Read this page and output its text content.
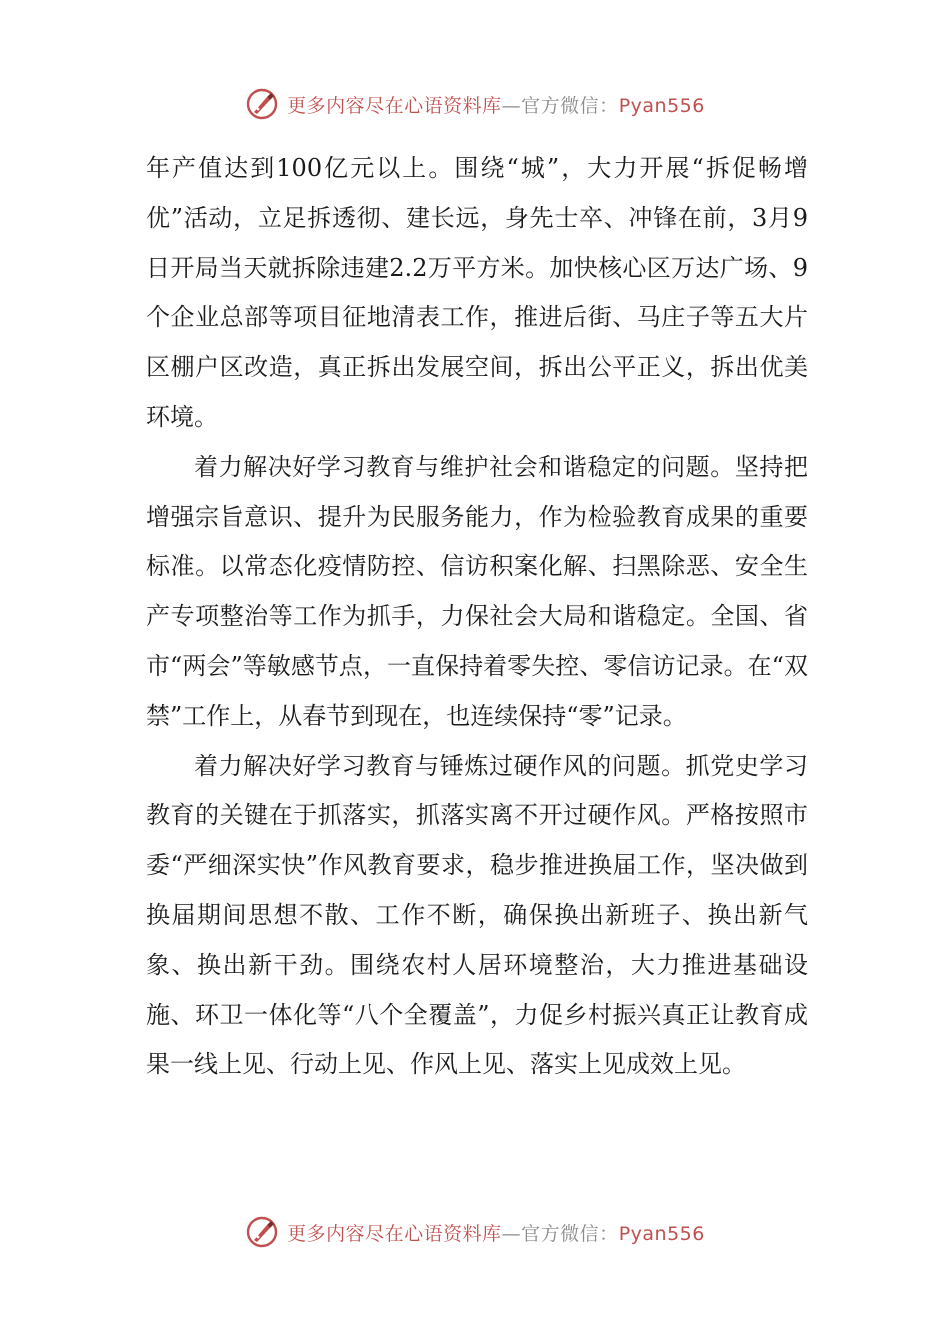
更多内容尽在心语资料库—官方微信：Pyan556

年产值达到100亿元以上。围绕“城”，大力开展“拆促畅增优”活动，立足拆透彻、建长远，身先士卒、冲锋在前，3月9日开局当天就拆除违建2.2万平方米。加快核心区万达广场、9个企业总部等项目征地清表工作，推进后街、马庄子等五大片区棚户区改造，真正拆出发展空间，拆出公平正义，拆出优美环境。

着力解决好学习教育与维护社会和谐稳定的问题。坚持把增强宗旨意识、提升为民服务能力，作为检验教育成果的重要标准。以常态化疫情防控、信访积案化解、扫黑除恶、安全生产专项整治等工作为抓手，力保社会大局和谐稳定。全国、省市“两会”等敏感节点，一直保持着零失控、零信访记录。在“双禁”工作上，从春节到现在，也连续保持“零”记录。

着力解决好学习教育与锤炼过硬作风的问题。抓党史学习教育的关键在于抓落实，抓落实离不开过硬作风。严格按照市委“严细深实快”作风教育要求，稳步推进换届工作，坚决做到换届期间思想不散、工作不断，确保换出新班子、换出新气象、换出新干劲。围绕农村人居环境整治，大力推进基础设施、环卫一体化等“八个全覆盖”，力促乡村振兴真正让教育成果一线上见、行动上见、作风上见、落实上见成效上见。

更多内容尽在心语资料库—官方微信：Pyan556
